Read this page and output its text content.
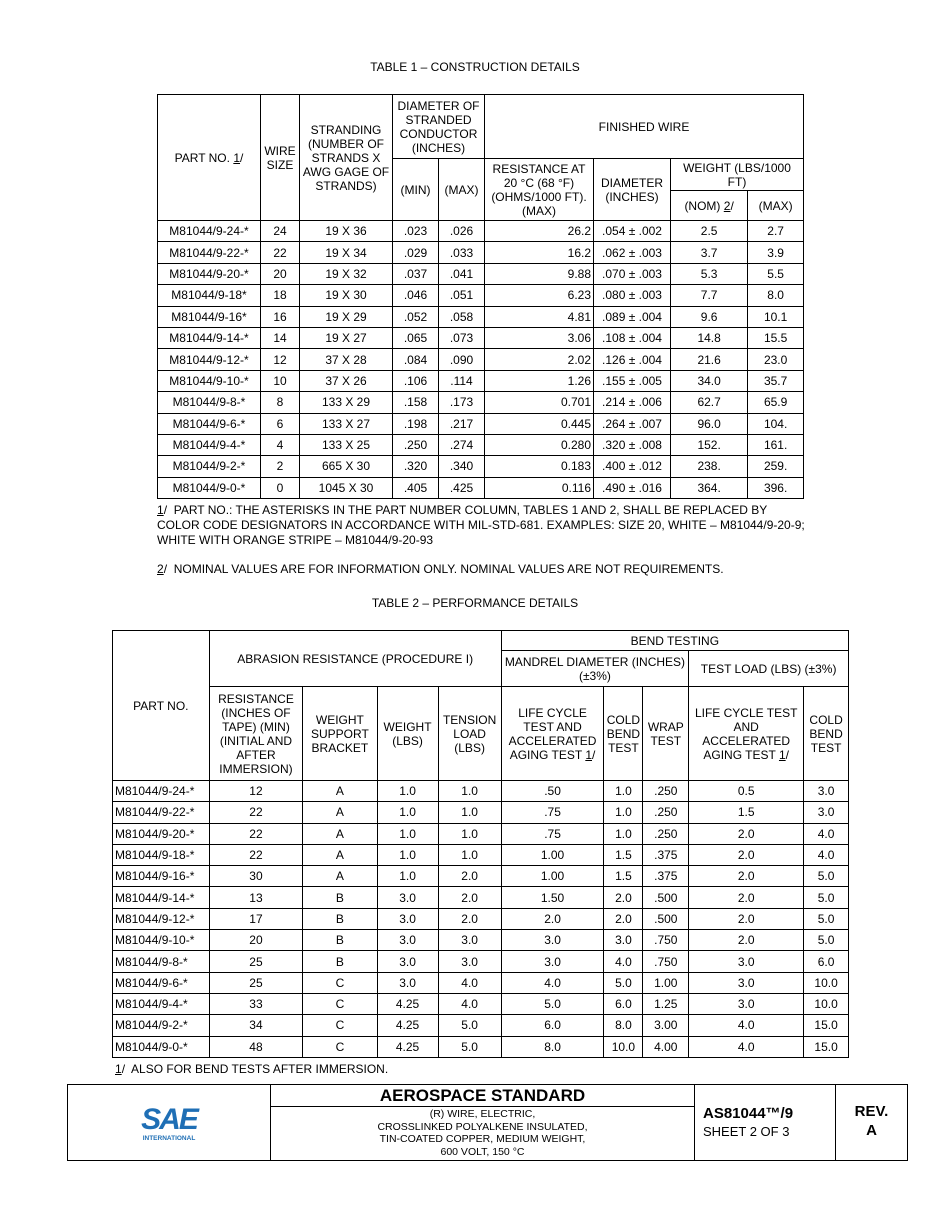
TABLE 1 – CONSTRUCTION DETAILS
PART NO. 1/	WIRE SIZE	STRANDING (NUMBER OF STRANDS X AWG GAGE OF STRANDS)	DIAMETER OF STRANDED CONDUCTOR (INCHES)		FINISHED WIRE			
			(MIN)	(MAX)	RESISTANCE AT 20 °C (68 °F) (OHMS/1000 FT). (MAX)	DIAMETER (INCHES)	WEIGHT (LBS/1000 FT)	
							(NOM) 2/	(MAX)
M81044/9-24-*	24	19 X 36	.023	.026	26.2	.054 ± .002	2.5	2.7
M81044/9-22-*	22	19 X 34	.029	.033	16.2	.062 ± .003	3.7	3.9
M81044/9-20-*	20	19 X 32	.037	.041	9.88	.070 ± .003	5.3	5.5
M81044/9-18*	18	19 X 30	.046	.051	6.23	.080 ± .003	7.7	8.0
M81044/9-16*	16	19 X 29	.052	.058	4.81	.089 ± .004	9.6	10.1
M81044/9-14-*	14	19 X 27	.065	.073	3.06	.108 ± .004	14.8	15.5
M81044/9-12-*	12	37 X 28	.084	.090	2.02	.126 ± .004	21.6	23.0
M81044/9-10-*	10	37 X 26	.106	.114	1.26	.155 ± .005	34.0	35.7
M81044/9-8-*	8	133 X 29	.158	.173	0.701	.214 ± .006	62.7	65.9
M81044/9-6-*	6	133 X 27	.198	.217	0.445	.264 ± .007	96.0	104.
M81044/9-4-*	4	133 X 25	.250	.274	0.280	.320 ± .008	152.	161.
M81044/9-2-*	2	665 X 30	.320	.340	0.183	.400 ± .012	238.	259.
M81044/9-0-*	0	1045 X 30	.405	.425	0.116	.490 ± .016	364.	396.
1/  PART NO.: THE ASTERISKS IN THE PART NUMBER COLUMN, TABLES 1 AND 2, SHALL BE REPLACED BY COLOR CODE DESIGNATORS IN ACCORDANCE WITH MIL-STD-681. EXAMPLES: SIZE 20, WHITE – M81044/9-20-9; WHITE WITH ORANGE STRIPE – M81044/9-20-93
2/  NOMINAL VALUES ARE FOR INFORMATION ONLY. NOMINAL VALUES ARE NOT REQUIREMENTS.
TABLE 2 – PERFORMANCE DETAILS
PART NO.	ABRASION RESISTANCE (PROCEDURE I)				BEND TESTING				
					MANDREL DIAMETER (INCHES) (±3%)			TEST LOAD (LBS) (±3%)	
	RESISTANCE (INCHES OF TAPE) (MIN) (INITIAL AND AFTER IMMERSION)	WEIGHT SUPPORT BRACKET	WEIGHT (LBS)	TENSION LOAD (LBS)	LIFE CYCLE TEST AND ACCELERATED AGING TEST 1/	COLD BEND TEST	WRAP TEST	LIFE CYCLE TEST AND ACCELERATED AGING TEST 1/	COLD BEND TEST
M81044/9-24-*	12	A	1.0	1.0	.50	1.0	.250	0.5	3.0
M81044/9-22-*	22	A	1.0	1.0	.75	1.0	.250	1.5	3.0
M81044/9-20-*	22	A	1.0	1.0	.75	1.0	.250	2.0	4.0
M81044/9-18-*	22	A	1.0	1.0	1.00	1.5	.375	2.0	4.0
M81044/9-16-*	30	A	1.0	2.0	1.00	1.5	.375	2.0	5.0
M81044/9-14-*	13	B	3.0	2.0	1.50	2.0	.500	2.0	5.0
M81044/9-12-*	17	B	3.0	2.0	2.0	2.0	.500	2.0	5.0
M81044/9-10-*	20	B	3.0	3.0	3.0	3.0	.750	2.0	5.0
M81044/9-8-*	25	B	3.0	3.0	3.0	4.0	.750	3.0	6.0
M81044/9-6-*	25	C	3.0	4.0	4.0	5.0	1.00	3.0	10.0
M81044/9-4-*	33	C	4.25	4.0	5.0	6.0	1.25	3.0	10.0
M81044/9-2-*	34	C	4.25	5.0	6.0	8.0	3.00	4.0	15.0
M81044/9-0-*	48	C	4.25	5.0	8.0	10.0	4.00	4.0	15.0
1/  ALSO FOR BEND TESTS AFTER IMMERSION.
SAE
INTERNATIONAL
AEROSPACE STANDARD
(R) WIRE, ELECTRIC,
CROSSLINKED POLYALKENE INSULATED,
TIN-COATED COPPER, MEDIUM WEIGHT,
600 VOLT, 150 °C
AS81044™/9
SHEET 2 OF 3
REV.
A
